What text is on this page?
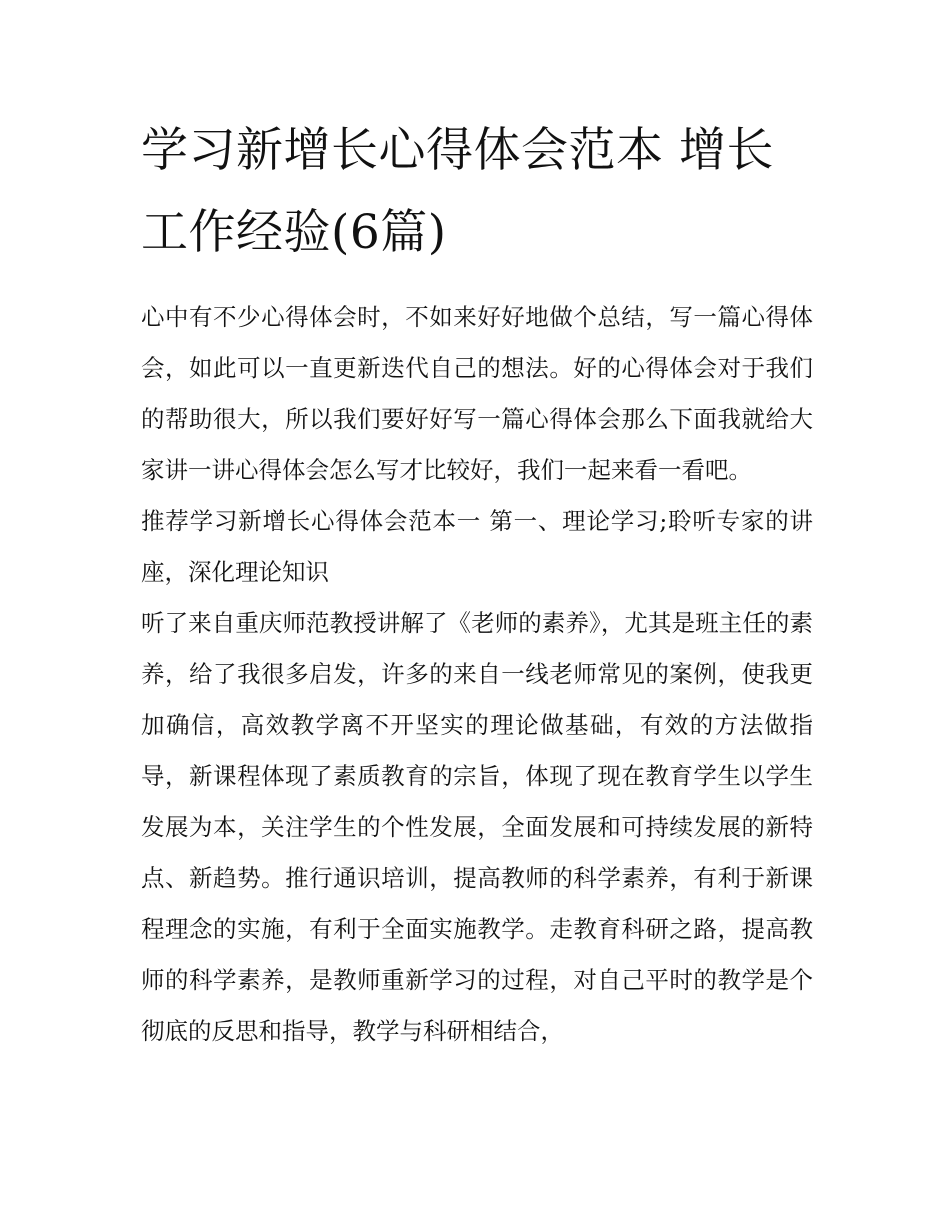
学习新增长心得体会范本 增长工作经验(6篇)

心中有不少心得体会时，不如来好好地做个总结，写一篇心得体会，如此可以一直更新迭代自己的想法。好的心得体会对于我们的帮助很大，所以我们要好好写一篇心得体会那么下面我就给大家讲一讲心得体会怎么写才比较好，我们一起来看一看吧。

推荐学习新增长心得体会范本一 第一、理论学习;聆听专家的讲座，深化理论知识

听了来自重庆师范教授讲解了《老师的素养》，尤其是班主任的素养，给了我很多启发，许多的来自一线老师常见的案例，使我更加确信，高效教学离不开坚实的理论做基础，有效的方法做指导，新课程体现了素质教育的宗旨，体现了现在教育学生以学生发展为本，关注学生的个性发展，全面发展和可持续发展的新特点、新趋势。推行通识培训，提高教师的科学素养，有利于新课程理念的实施，有利于全面实施教学。走教育科研之路，提高教师的科学素养，是教师重新学习的过程，对自己平时的教学是个彻底的反思和指导，教学与科研相结合，
